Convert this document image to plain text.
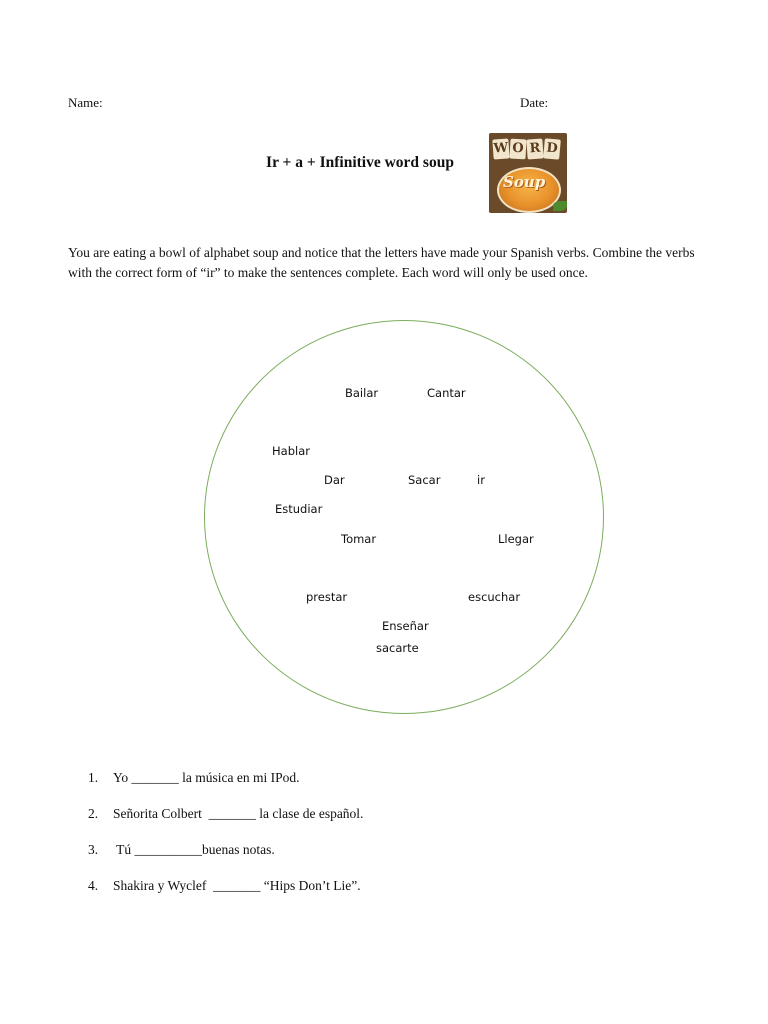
Name:	Date:
Ir + a + Infinitive word soup
W O R D
Soup
You are eating a bowl of alphabet soup and notice that the letters have made your Spanish verbs. Combine the verbs with the correct form of “ir” to make the sentences complete. Each word will only be used once.
Bailar	Cantar
Hablar
Dar	Sacar	ir
Estudiar
Tomar	Llegar
prestar	escuchar
Enseñar
sacarte
1.	Yo _______ la música en mi IPod.
2.	Señorita Colbert  _______ la clase de español.
3.	Tú __________buenas notas.
4.	Shakira y Wyclef  _______ “Hips Don’t Lie”.
